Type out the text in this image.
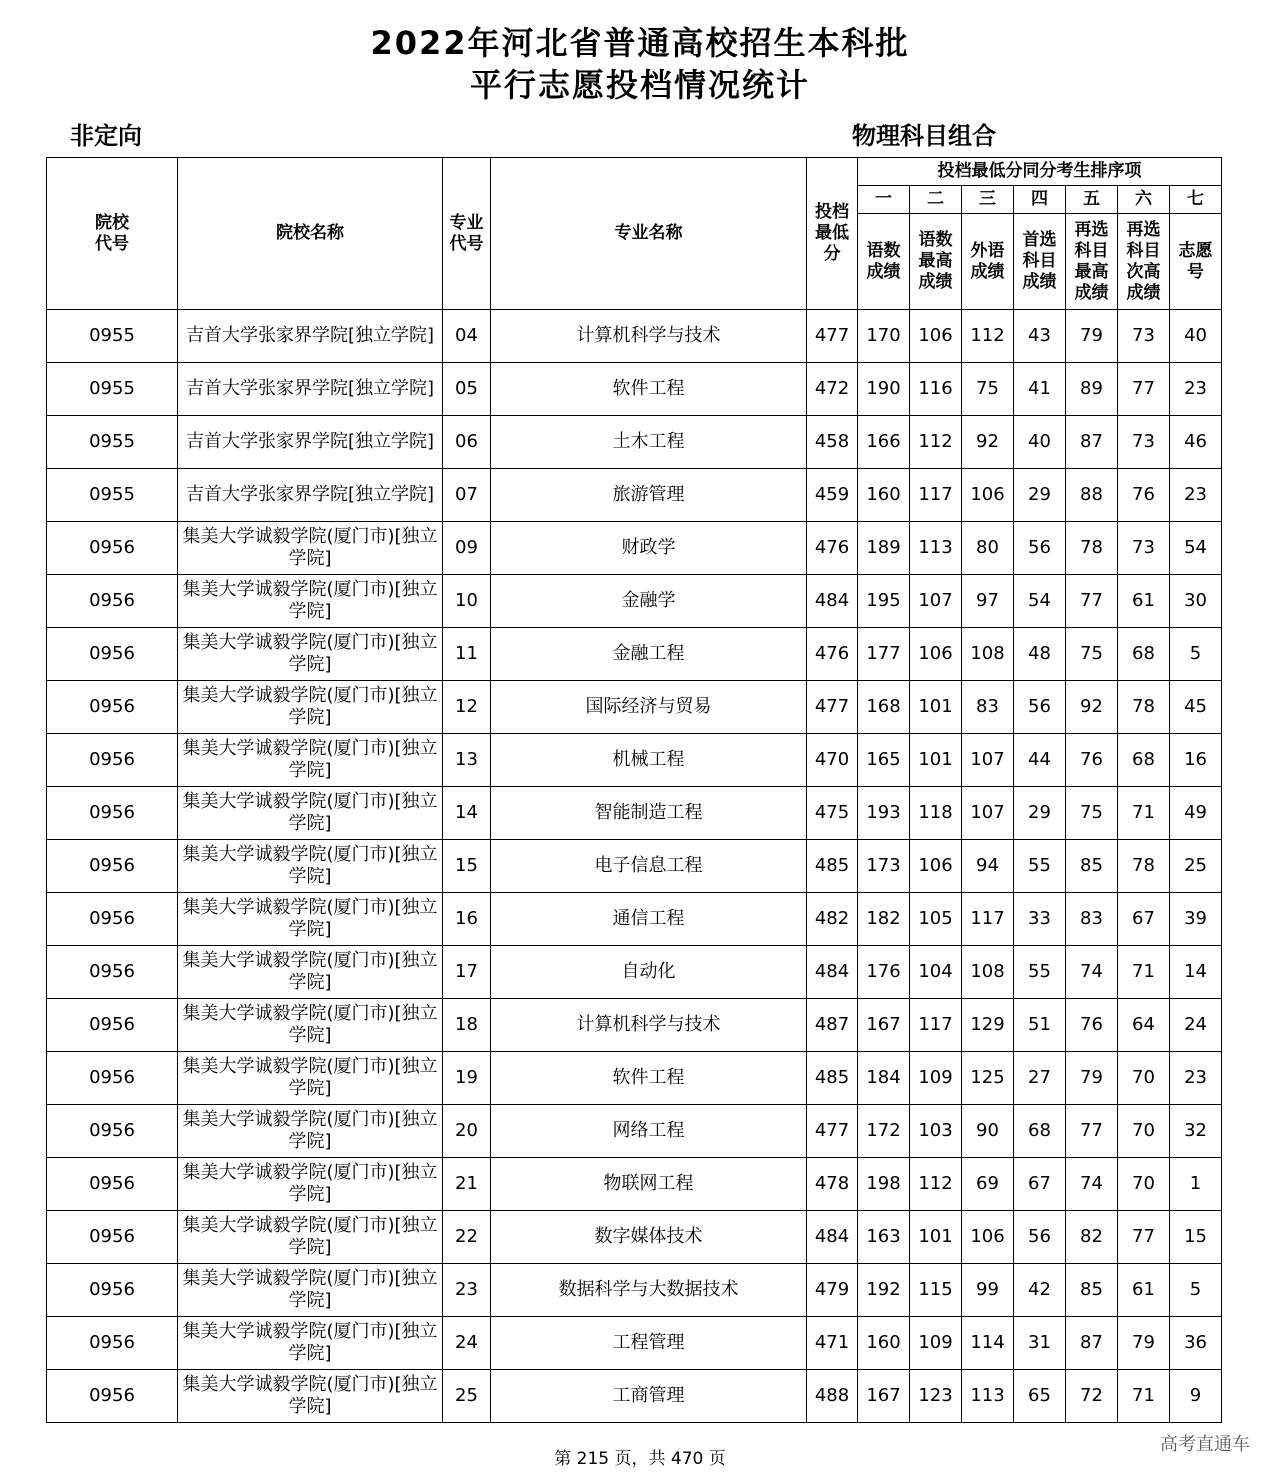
2022年河北省普通高校招生本科批
平行志愿投档情况统计
非定向	物理科目组合
院校代号	院校名称	专业代号	专业名称	投档最低分	投档最低分同分考生排序项						
					一	二	三	四	五	六	七

					语数成绩	语数最高成绩	外语成绩	首选科目成绩	再选科目最高成绩	再选科目次高成绩	志愿号

0955	吉首大学张家界学院[独立学院]	04	计算机科学与技术	477	170	106	112	43	79	73	40
0955	吉首大学张家界学院[独立学院]	05	软件工程	472	190	116	75	41	89	77	23
0955	吉首大学张家界学院[独立学院]	06	土木工程	458	166	112	92	40	87	73	46
0955	吉首大学张家界学院[独立学院]	07	旅游管理	459	160	117	106	29	88	76	23
0956	集美大学诚毅学院(厦门市)[独立学院]	09	财政学	476	189	113	80	56	78	73	54
0956	集美大学诚毅学院(厦门市)[独立学院]	10	金融学	484	195	107	97	54	77	61	30
0956	集美大学诚毅学院(厦门市)[独立学院]	11	金融工程	476	177	106	108	48	75	68	5
0956	集美大学诚毅学院(厦门市)[独立学院]	12	国际经济与贸易	477	168	101	83	56	92	78	45
0956	集美大学诚毅学院(厦门市)[独立学院]	13	机械工程	470	165	101	107	44	76	68	16
0956	集美大学诚毅学院(厦门市)[独立学院]	14	智能制造工程	475	193	118	107	29	75	71	49
0956	集美大学诚毅学院(厦门市)[独立学院]	15	电子信息工程	485	173	106	94	55	85	78	25
0956	集美大学诚毅学院(厦门市)[独立学院]	16	通信工程	482	182	105	117	33	83	67	39
0956	集美大学诚毅学院(厦门市)[独立学院]	17	自动化	484	176	104	108	55	74	71	14
0956	集美大学诚毅学院(厦门市)[独立学院]	18	计算机科学与技术	487	167	117	129	51	76	64	24
0956	集美大学诚毅学院(厦门市)[独立学院]	19	软件工程	485	184	109	125	27	79	70	23
0956	集美大学诚毅学院(厦门市)[独立学院]	20	网络工程	477	172	103	90	68	77	70	32
0956	集美大学诚毅学院(厦门市)[独立学院]	21	物联网工程	478	198	112	69	67	74	70	1
0956	集美大学诚毅学院(厦门市)[独立学院]	22	数字媒体技术	484	163	101	106	56	82	77	15
0956	集美大学诚毅学院(厦门市)[独立学院]	23	数据科学与大数据技术	479	192	115	99	42	85	61	5
0956	集美大学诚毅学院(厦门市)[独立学院]	24	工程管理	471	160	109	114	31	87	79	36
0956	集美大学诚毅学院(厦门市)[独立学院]	25	工商管理	488	167	123	113	65	72	71	9
第 215 页，共 470 页
高考直通车
